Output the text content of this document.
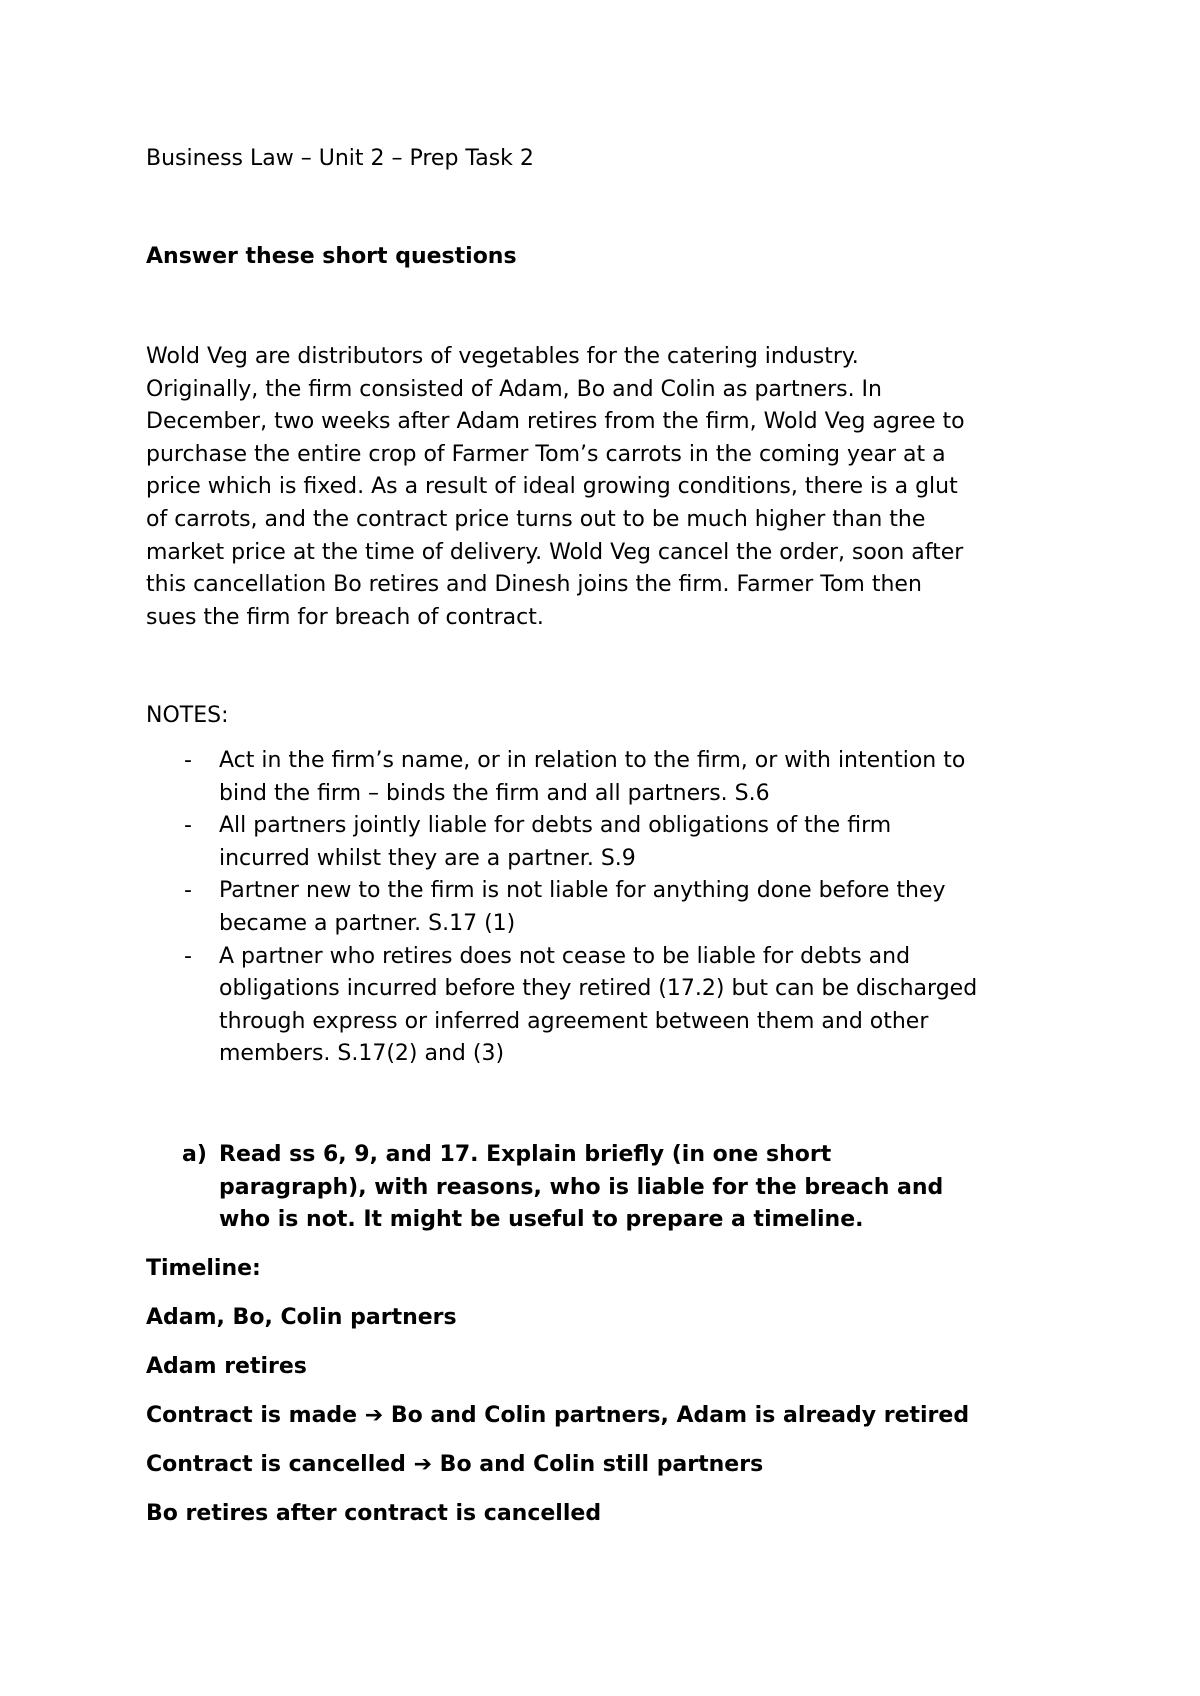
Business Law – Unit 2 – Prep Task 2

Answer these short questions

Wold Veg are distributors of vegetables for the catering industry.
Originally, the firm consisted of Adam, Bo and Colin as partners. In
December, two weeks after Adam retires from the firm, Wold Veg agree to
purchase the entire crop of Farmer Tom’s carrots in the coming year at a
price which is fixed. As a result of ideal growing conditions, there is a glut
of carrots, and the contract price turns out to be much higher than the
market price at the time of delivery. Wold Veg cancel the order, soon after
this cancellation Bo retires and Dinesh joins the firm. Farmer Tom then
sues the firm for breach of contract.

NOTES:

- Act in the firm’s name, or in relation to the firm, or with intention to
bind the firm – binds the firm and all partners. S.6
- All partners jointly liable for debts and obligations of the firm
incurred whilst they are a partner. S.9
- Partner new to the firm is not liable for anything done before they
became a partner. S.17 (1)
- A partner who retires does not cease to be liable for debts and
obligations incurred before they retired (17.2) but can be discharged
through express or inferred agreement between them and other
members. S.17(2) and (3)
a) Read ss 6, 9, and 17. Explain briefly (in one short
paragraph), with reasons, who is liable for the breach and
who is not. It might be useful to prepare a timeline.

Timeline:

Adam, Bo, Colin partners

Adam retires

Contract is made ➔ Bo and Colin partners, Adam is already retired

Contract is cancelled ➔ Bo and Colin still partners

Bo retires after contract is cancelled
